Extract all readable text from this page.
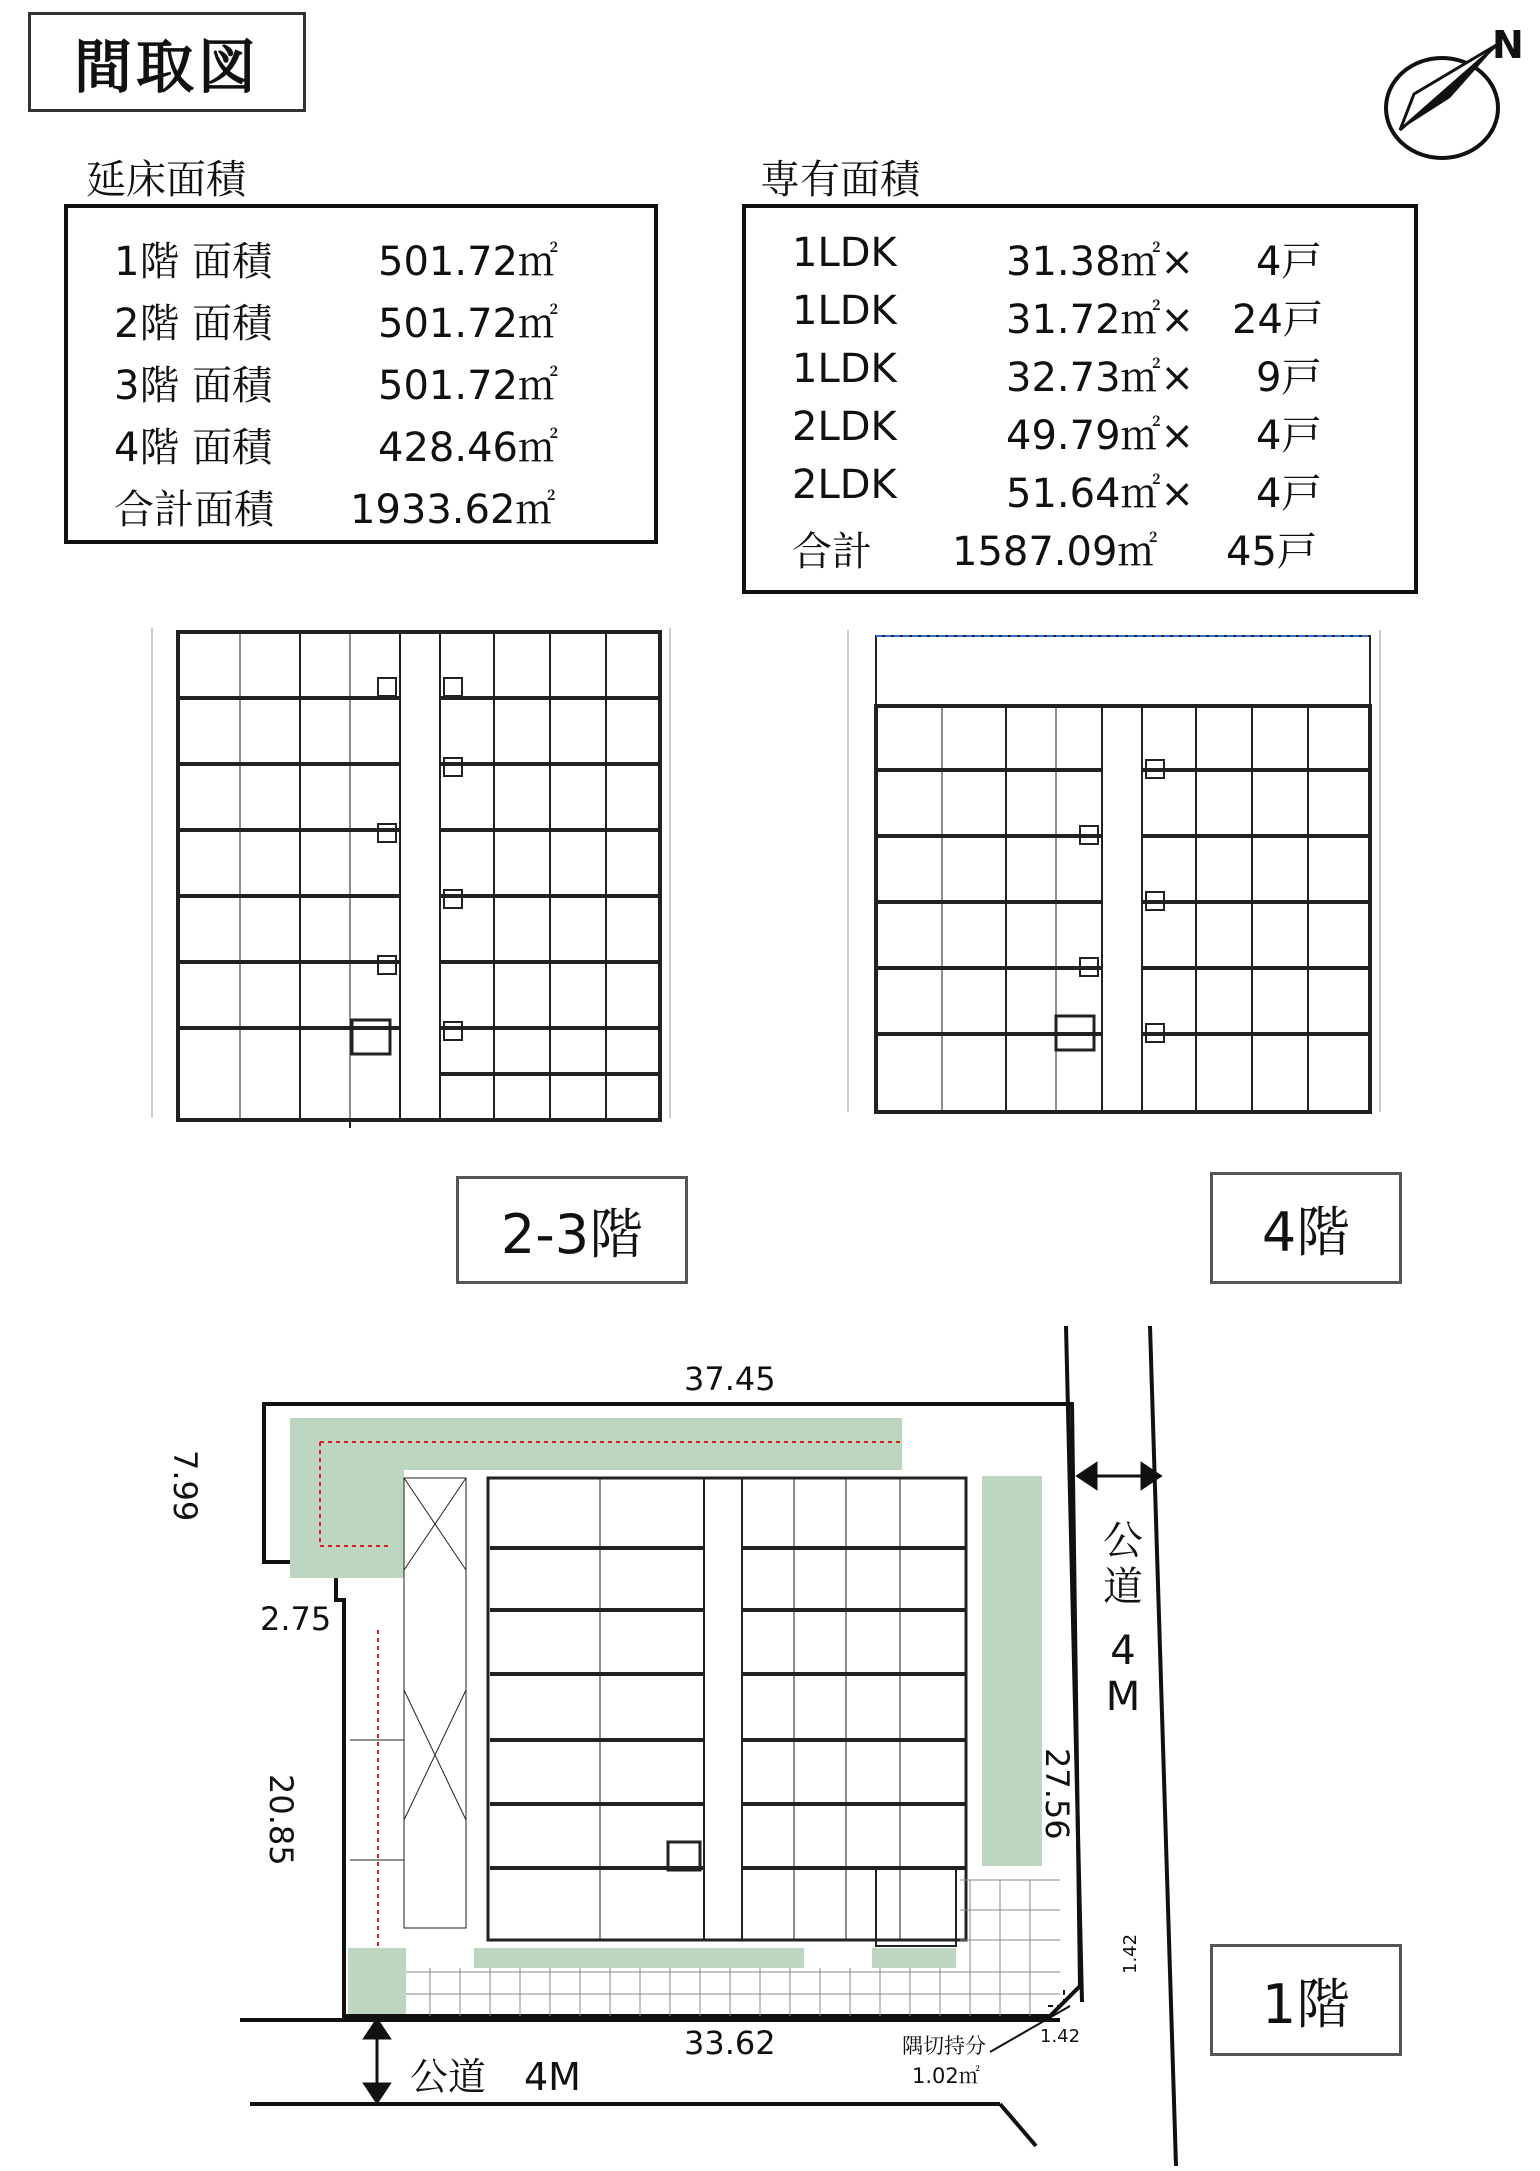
間取図	N
延床面積
1階 面積	501.72㎡
2階 面積	501.72㎡
3階 面積	501.72㎡
4階 面積	428.46㎡
合計面積 1933.62㎡
専有面積
1LDK	31.38㎡× 4戸
1LDK	31.72㎡× 24戸
1LDK	32.73㎡× 9戸
2LDK	49.79㎡× 4戸
2LDK	51.64㎡× 4戸
合計 1587.09㎡ 45戸
2-3階	4階
1階
37.45
7.99
2.75
20.85	27.56
33.62
1.42
1.42
隅切持分
1.02㎡
公
道
4
M
公道　4M
